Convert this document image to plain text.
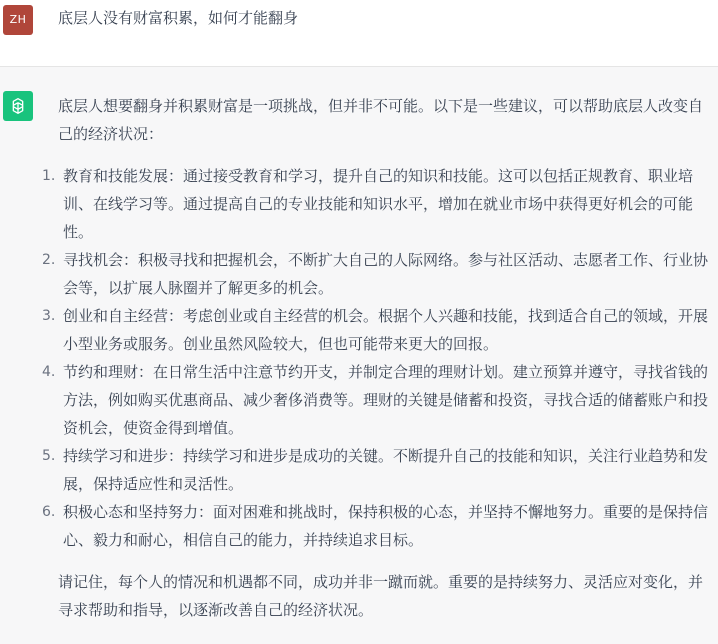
ZH	底层人没有财富积累，如何才能翻身

底层人想要翻身并积累财富是一项挑战，但并非不可能。以下是一些建议，可以帮助底层人改变自己的经济状况：

1. 教育和技能发展：通过接受教育和学习，提升自己的知识和技能。这可以包括正规教育、职业培训、在线学习等。通过提高自己的专业技能和知识水平，增加在就业市场中获得更好机会的可能性。
2. 寻找机会：积极寻找和把握机会，不断扩大自己的人际网络。参与社区活动、志愿者工作、行业协会等，以扩展人脉圈并了解更多的机会。
3. 创业和自主经营：考虑创业或自主经营的机会。根据个人兴趣和技能，找到适合自己的领域，开展小型业务或服务。创业虽然风险较大，但也可能带来更大的回报。
4. 节约和理财：在日常生活中注意节约开支，并制定合理的理财计划。建立预算并遵守，寻找省钱的方法，例如购买优惠商品、减少奢侈消费等。理财的关键是储蓄和投资，寻找合适的储蓄账户和投资机会，使资金得到增值。
5. 持续学习和进步：持续学习和进步是成功的关键。不断提升自己的技能和知识，关注行业趋势和发展，保持适应性和灵活性。
6. 积极心态和坚持努力：面对困难和挑战时，保持积极的心态，并坚持不懈地努力。重要的是保持信心、毅力和耐心，相信自己的能力，并持续追求目标。

请记住，每个人的情况和机遇都不同，成功并非一蹴而就。重要的是持续努力、灵活应对变化，并寻求帮助和指导，以逐渐改善自己的经济状况。
